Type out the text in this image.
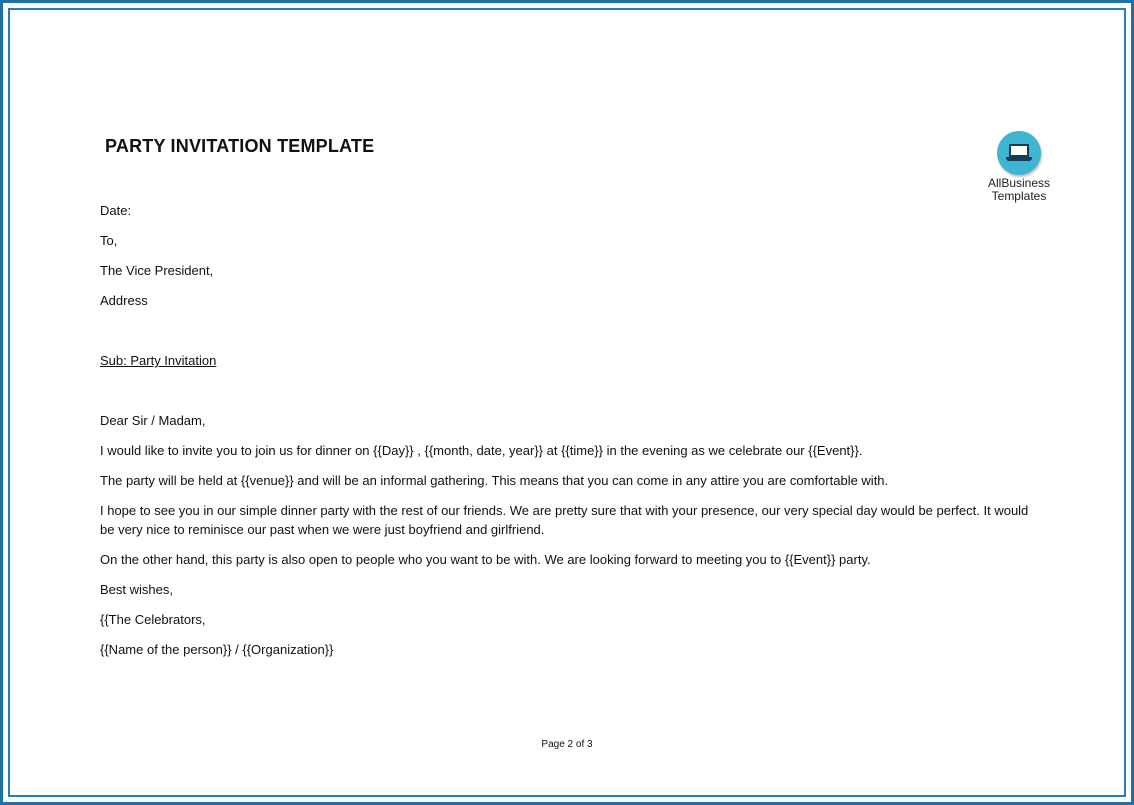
PARTY INVITATION TEMPLATE
AllBusiness
Templates
Date:
To,
The Vice President,
Address
Sub: Party Invitation
Dear Sir / Madam,
I would like to invite you to join us for dinner on {{Day}} , {{month, date, year}} at {{time}} in the evening as we celebrate our {{Event}}.
The party will be held at {{venue}} and will be an informal gathering. This means that you can come in any attire you are comfortable with.
I hope to see you in our simple dinner party with the rest of our friends. We are pretty sure that with your presence, our very special day would be perfect. It would be very nice to reminisce our past when we were just boyfriend and girlfriend.
On the other hand, this party is also open to people who you want to be with. We are looking forward to meeting you to {{Event}} party.
Best wishes,
{{The Celebrators,
{{Name of the person}} / {{Organization}}
Page 2 of 3
